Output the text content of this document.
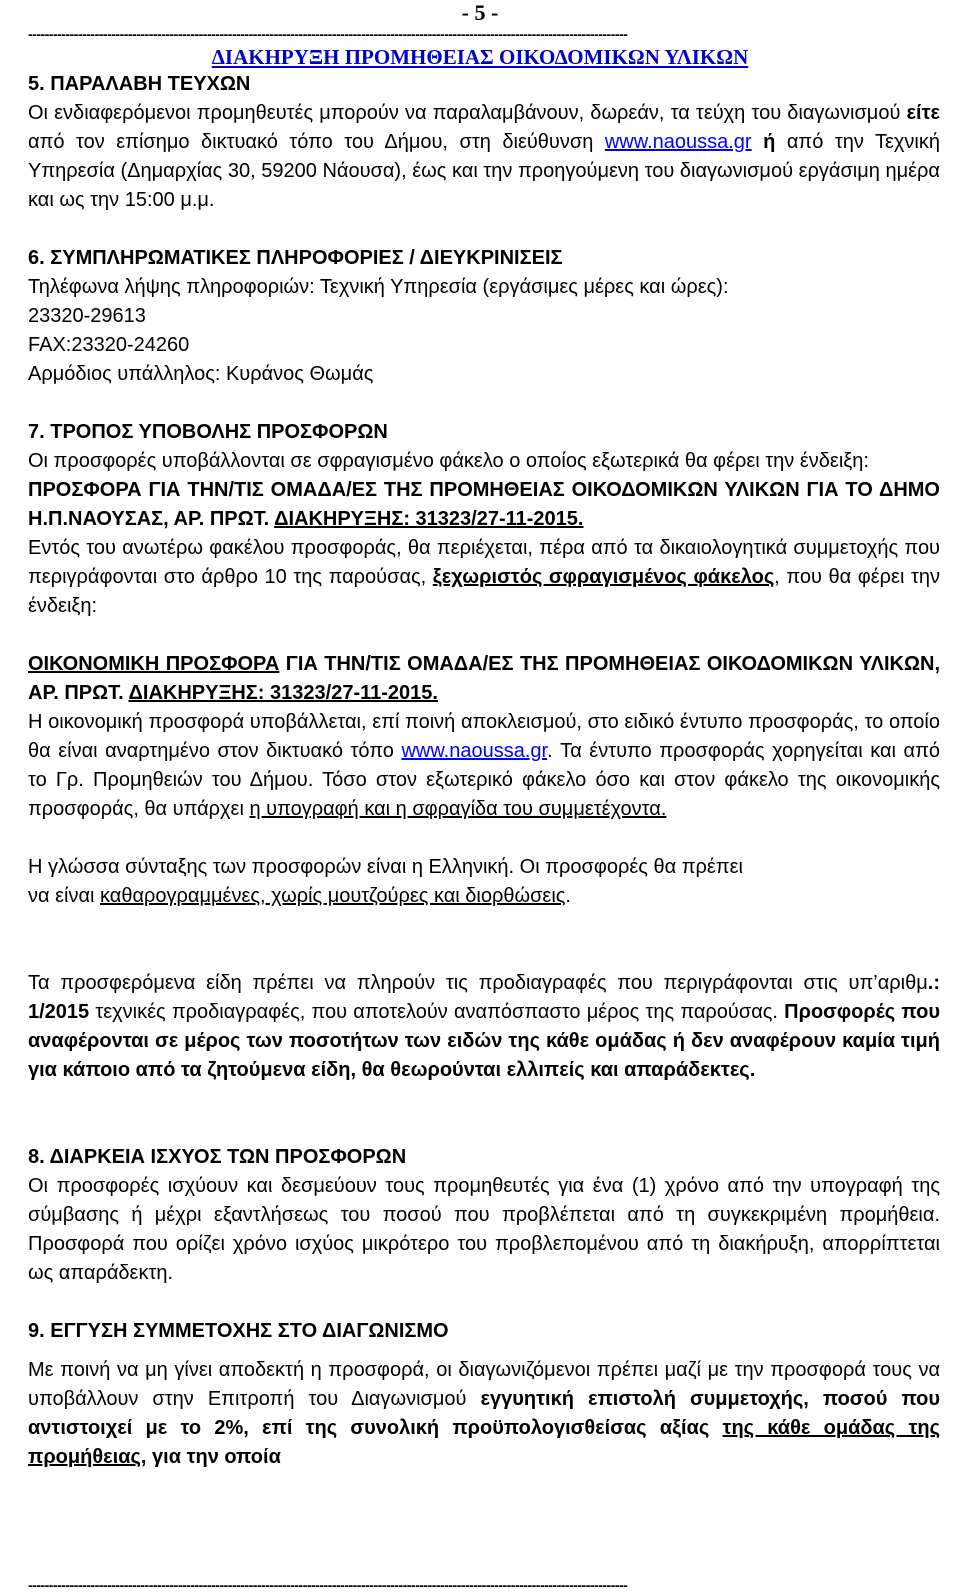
- 5 -
------------------------------------------------------------------------------------------------------------------------------------------------
ΔΙΑΚΗΡΥΞΗ ΠΡΟΜΗΘΕΙΑΣ ΟΙΚΟΔΟΜΙΚΩΝ ΥΛΙΚΩΝ

5. ΠΑΡΑΛΑΒΗ ΤΕΥΧΩΝ

Οι ενδιαφερόμενοι προμηθευτές μπορούν να παραλαμβάνουν, δωρεάν, τα τεύχη του διαγωνισμού είτε από τον επίσημο δικτυακό τόπο του Δήμου, στη διεύθυνση www.naoussa.gr ή από την Τεχνική Υπηρεσία (Δημαρχίας 30, 59200 Νάουσα), έως και την προηγούμενη του διαγωνισμού εργάσιμη ημέρα και ως την 15:00 μ.μ.

6. ΣΥΜΠΛΗΡΩΜΑΤΙΚΕΣ ΠΛΗΡΟΦΟΡΙΕΣ / ΔΙΕΥΚΡΙΝΙΣΕΙΣ

Τηλέφωνα λήψης πληροφοριών: Τεχνική Υπηρεσία (εργάσιμες μέρες και ώρες):

23320-29613

FAX:23320-24260

Αρμόδιος υπάλληλος: Κυράνος Θωμάς

7. ΤΡΟΠΟΣ ΥΠΟΒΟΛΗΣ ΠΡΟΣΦΟΡΩΝ

Οι προσφορές υποβάλλονται σε σφραγισμένο φάκελο ο οποίος εξωτερικά θα φέρει την ένδειξη:

ΠΡΟΣΦΟΡΑ ΓΙΑ ΤΗΝ/ΤΙΣ ΟΜΑΔΑ/ΕΣ ΤΗΣ ΠΡΟΜΗΘΕΙΑΣ ΟΙΚΟΔΟΜΙΚΩΝ ΥΛΙΚΩΝ ΓΙΑ ΤΟ ΔΗΜΟ Η.Π.ΝΑΟΥΣΑΣ, ΑΡ. ΠΡΩΤ. ΔΙΑΚΗΡΥΞΗΣ: 31323/27-11-2015.

Εντός του ανωτέρω φακέλου προσφοράς, θα περιέχεται, πέρα από τα δικαιολογητικά συμμετοχής που περιγράφονται στο άρθρο 10 της παρούσας, ξεχωριστός σφραγισμένος φάκελος, που θα φέρει την ένδειξη:

ΟΙΚΟΝΟΜΙΚΗ ΠΡΟΣΦΟΡΑ ΓΙΑ ΤΗΝ/ΤΙΣ ΟΜΑΔΑ/ΕΣ ΤΗΣ ΠΡΟΜΗΘΕΙΑΣ ΟΙΚΟΔΟΜΙΚΩΝ ΥΛΙΚΩΝ, ΑΡ. ΠΡΩΤ. ΔΙΑΚΗΡΥΞΗΣ: 31323/27-11-2015.

Η οικονομική προσφορά υποβάλλεται, επί ποινή αποκλεισμού, στο ειδικό έντυπο προσφοράς, το οποίο θα είναι αναρτημένο στον δικτυακό τόπο www.naoussa.gr. Τα έντυπο προσφοράς χορηγείται και από το Γρ. Προμηθειών του Δήμου. Τόσο στον εξωτερικό φάκελο όσο και στον φάκελο της οικονομικής προσφοράς, θα υπάρχει η υπογραφή και η σφραγίδα του συμμετέχοντα.

Η γλώσσα σύνταξης των προσφορών είναι η Ελληνική. Οι προσφορές θα πρέπει

να είναι καθαρογραμμένες, χωρίς μουτζούρες και διορθώσεις.

Τα προσφερόμενα είδη πρέπει να πληρούν τις προδιαγραφές που περιγράφονται στις υπ’αριθμ.: 1/2015 τεχνικές προδιαγραφές, που αποτελούν αναπόσπαστο μέρος της παρούσας. Προσφορές που αναφέρονται σε μέρος των ποσοτήτων των ειδών της κάθε ομάδας ή δεν αναφέρουν καμία τιμή για κάποιο από τα ζητούμενα είδη, θα θεωρούνται ελλιπείς και απαράδεκτες.

8. ΔΙΑΡΚΕΙΑ ΙΣΧΥΟΣ ΤΩΝ ΠΡΟΣΦΟΡΩΝ

Οι προσφορές ισχύουν και δεσμεύουν τους προμηθευτές για ένα (1) χρόνο από την υπογραφή της σύμβασης ή μέχρι εξαντλήσεως του ποσού που προβλέπεται από τη συγκεκριμένη προμήθεια. Προσφορά που ορίζει χρόνο ισχύος μικρότερο του προβλεπομένου από τη διακήρυξη, απορρίπτεται ως απαράδεκτη.

9. ΕΓΓΥΣΗ ΣΥΜΜΕΤΟΧΗΣ ΣΤΟ ΔΙΑΓΩΝΙΣΜΟ

Με ποινή να μη γίνει αποδεκτή η προσφορά, οι διαγωνιζόμενοι πρέπει μαζί με την προσφορά τους να υποβάλλουν στην Επιτροπή του Διαγωνισμού εγγυητική επιστολή συμμετοχής, ποσού που αντιστοιχεί με το 2%, επί της συνολική προϋπολογισθείσας αξίας της κάθε ομάδας της προμήθειας, για την οποία

------------------------------------------------------------------------------------------------------------------------------------------------
